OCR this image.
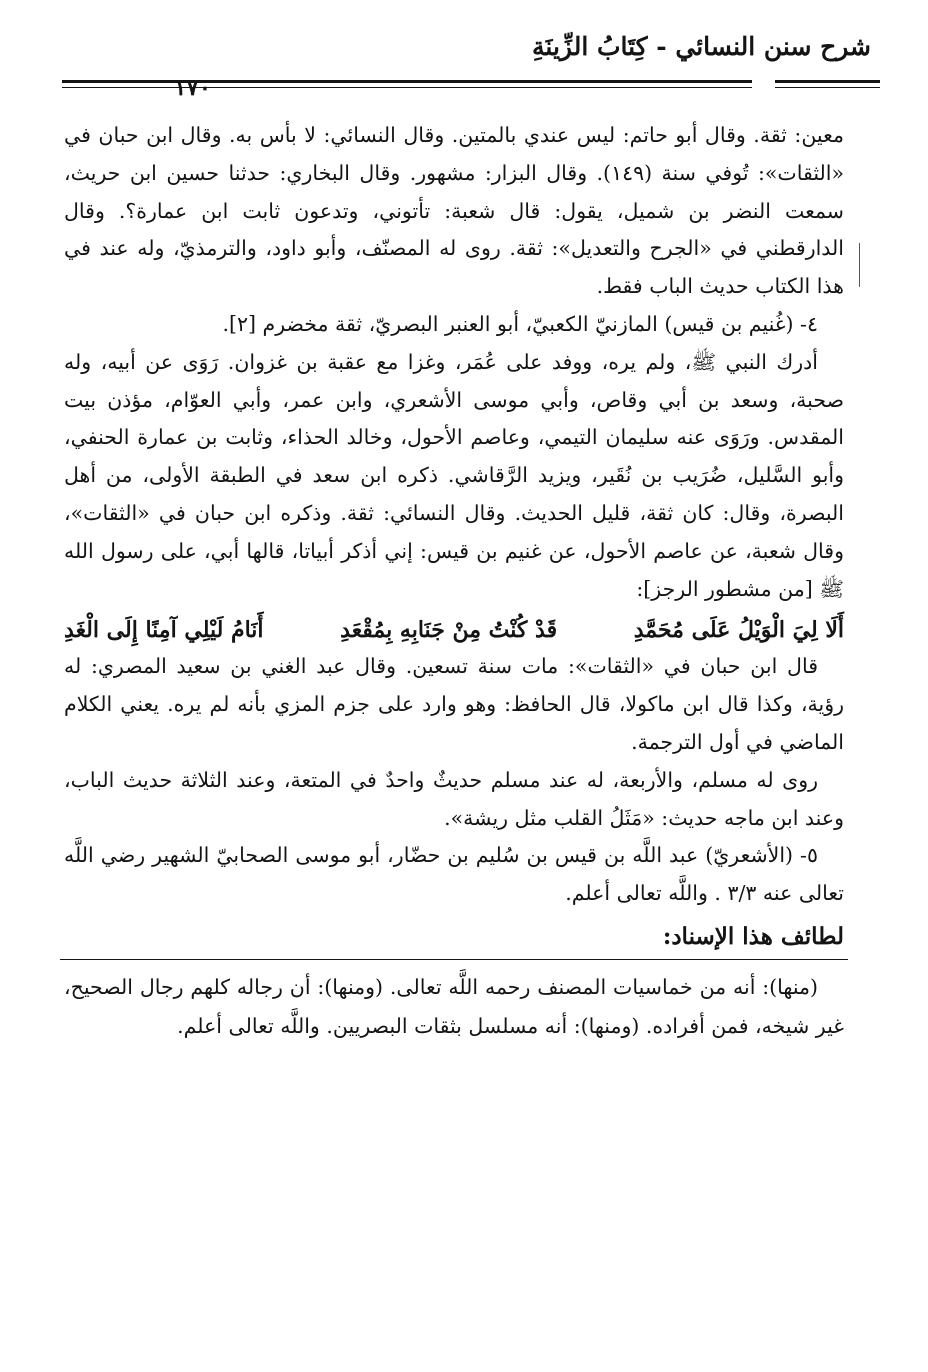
شرح سنن النسائي - كِتَابُ الزِّينَةِ
١٧٠

معين: ثقة. وقال أبو حاتم: ليس عندي بالمتين. وقال النسائي: لا بأس به. وقال ابن حبان في «الثقات»: تُوفي سنة (١٤٩). وقال البزار: مشهور. وقال البخاري: حدثنا حسين ابن حريث، سمعت النضر بن شميل، يقول: قال شعبة: تأتوني، وتدعون ثابت ابن عمارة؟. وقال الدارقطني في «الجرح والتعديل»: ثقة. روى له المصنّف، وأبو داود، والترمذيّ، وله عند في هذا الكتاب حديث الباب فقط.

٤- (غُنيم بن قيس) المازنيّ الكعبيّ، أبو العنبر البصريّ، ثقة مخضرم [٢].

أدرك النبي ﷺ، ولم يره، ووفد على عُمَر، وغزا مع عقبة بن غزوان. رَوَى عن أبيه، وله صحبة، وسعد بن أبي وقاص، وأبي موسى الأشعري، وابن عمر، وأبي العوّام، مؤذن بيت المقدس. ورَوَى عنه سليمان التيمي، وعاصم الأحول، وخالد الحذاء، وثابت بن عمارة الحنفي، وأبو السَّليل، ضُرَيب بن نُقَير، ويزيد الرَّقاشي. ذكره ابن سعد في الطبقة الأولى، من أهل البصرة، وقال: كان ثقة، قليل الحديث. وقال النسائي: ثقة. وذكره ابن حبان في «الثقات»، وقال شعبة، عن عاصم الأحول، عن غنيم بن قيس: إني أذكر أبياتا، قالها أبي، على رسول الله ﷺ [من مشطور الرجز]:

أَلَا لِيَ الْوَيْلُ عَلَى مُحَمَّدِ
قَدْ كُنْتُ مِنْ جَنَابِهِ بِمُقْعَدِ
أَنَامُ لَيْلِي آمِنًا إِلَى الْغَدِ

قال ابن حبان في «الثقات»: مات سنة تسعين. وقال عبد الغني بن سعيد المصري: له رؤية، وكذا قال ابن ماكولا، قال الحافظ: وهو وارد على جزم المزي بأنه لم يره. يعني الكلام الماضي في أول الترجمة.

روى له مسلم، والأربعة، له عند مسلم حديثٌ واحدٌ في المتعة، وعند الثلاثة حديث الباب، وعند ابن ماجه حديث: «مَثَلُ القلب مثل ريشة».

٥- (الأشعريّ) عبد اللَّه بن قيس بن سُليم بن حضّار، أبو موسى الصحابيّ الشهير رضي اللَّه تعالى عنه ٣/٣ . واللَّه تعالى أعلم.

لطائف هذا الإسناد:

(منها): أنه من خماسيات المصنف رحمه اللَّه تعالى. (ومنها): أن رجاله كلهم رجال الصحيح، غير شيخه، فمن أفراده. (ومنها): أنه مسلسل بثقات البصريين. واللَّه تعالى أعلم.
